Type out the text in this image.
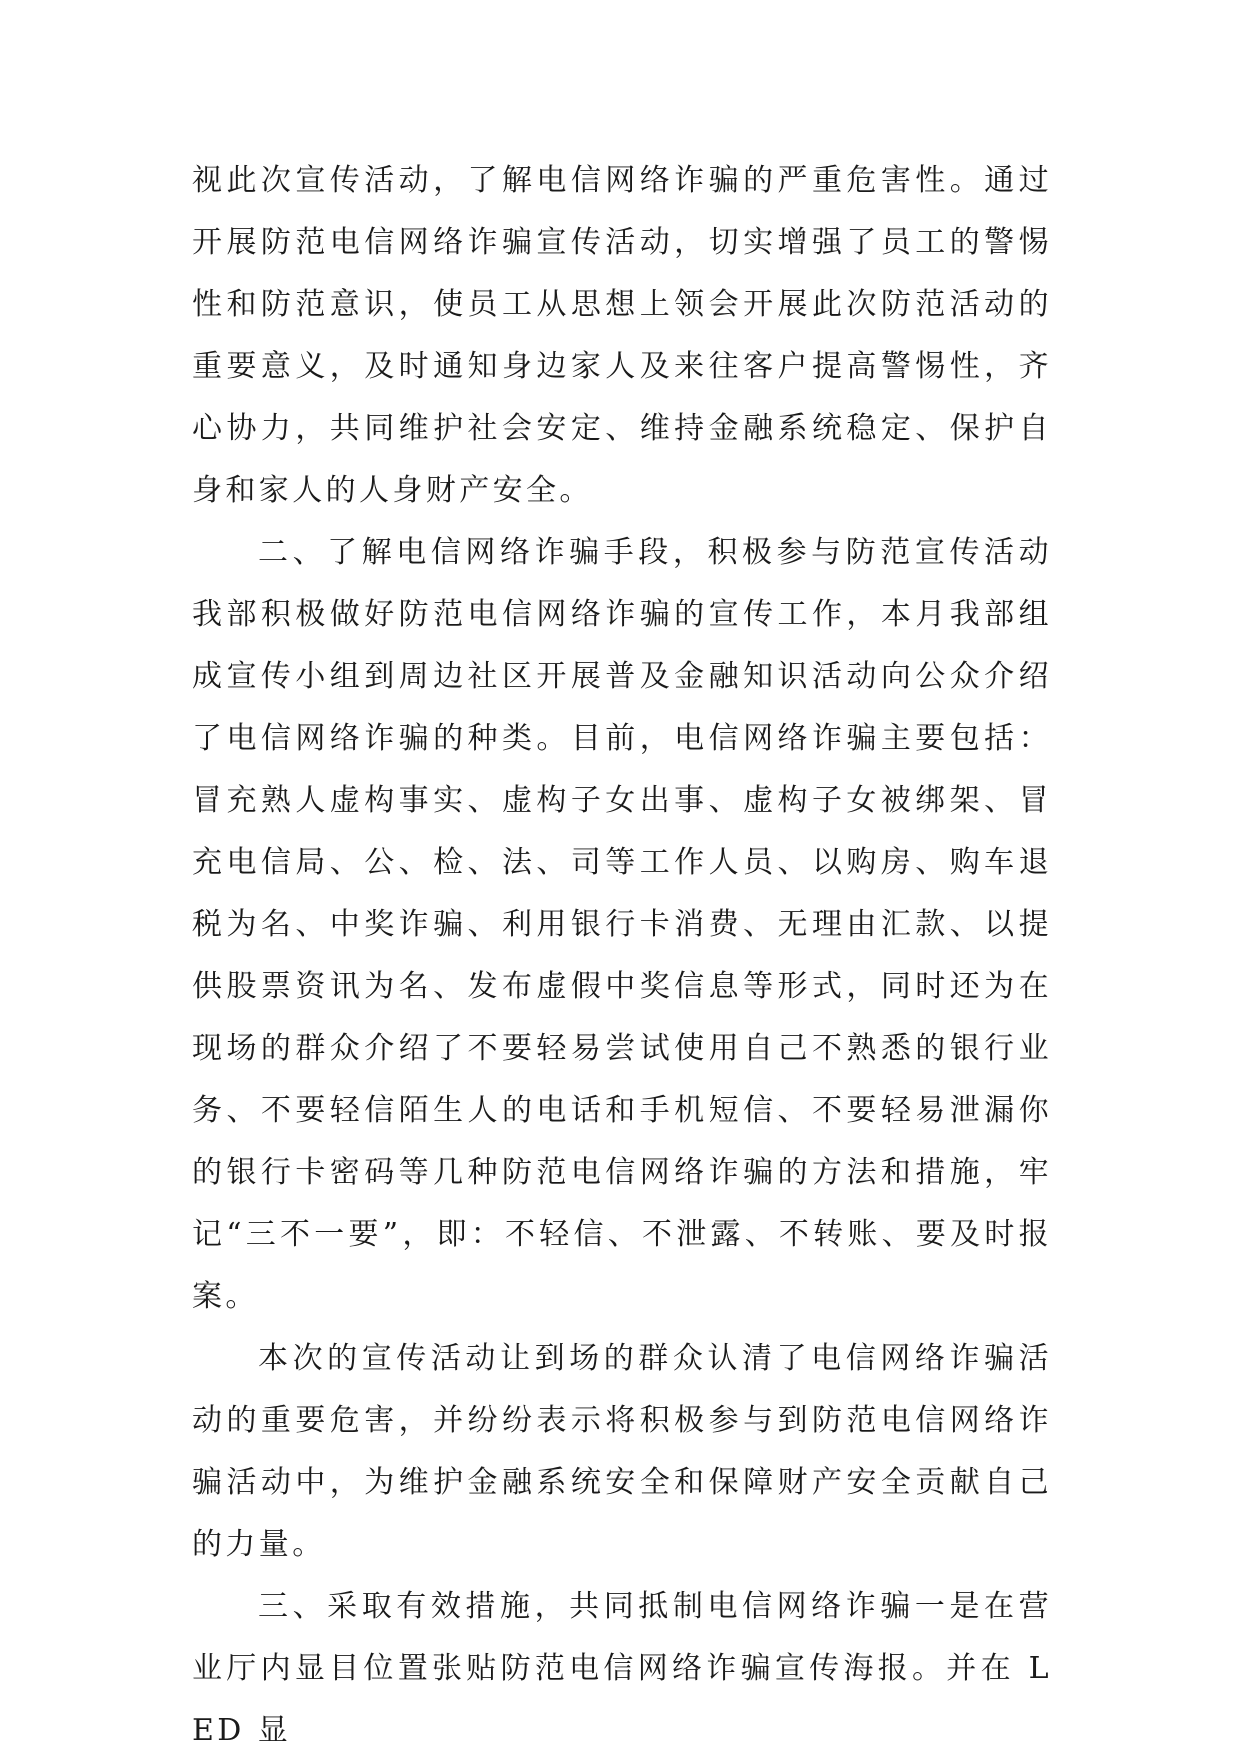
视此次宣传活动，了解电信网络诈骗的严重危害性。通过开展防范电信网络诈骗宣传活动，切实增强了员工的警惕性和防范意识，使员工从思想上领会开展此次防范活动的重要意义，及时通知身边家人及来往客户提高警惕性，齐心协力，共同维护社会安定、维持金融系统稳定、保护自身和家人的人身财产安全。

二、了解电信网络诈骗手段，积极参与防范宣传活动我部积极做好防范电信网络诈骗的宣传工作，本月我部组成宣传小组到周边社区开展普及金融知识活动向公众介绍了电信网络诈骗的种类。目前，电信网络诈骗主要包括：冒充熟人虚构事实、虚构子女出事、虚构子女被绑架、冒充电信局、公、检、法、司等工作人员、以购房、购车退税为名、中奖诈骗、利用银行卡消费、无理由汇款、以提供股票资讯为名、发布虚假中奖信息等形式，同时还为在现场的群众介绍了不要轻易尝试使用自己不熟悉的银行业务、不要轻信陌生人的电话和手机短信、不要轻易泄漏你的银行卡密码等几种防范电信网络诈骗的方法和措施，牢记“三不一要”，即：不轻信、不泄露、不转账、要及时报案。

本次的宣传活动让到场的群众认清了电信网络诈骗活动的重要危害，并纷纷表示将积极参与到防范电信网络诈骗活动中，为维护金融系统安全和保障财产安全贡献自己的力量。

三、采取有效措施，共同抵制电信网络诈骗一是在营业厅内显目位置张贴防范电信网络诈骗宣传海报。并在 LED 显
